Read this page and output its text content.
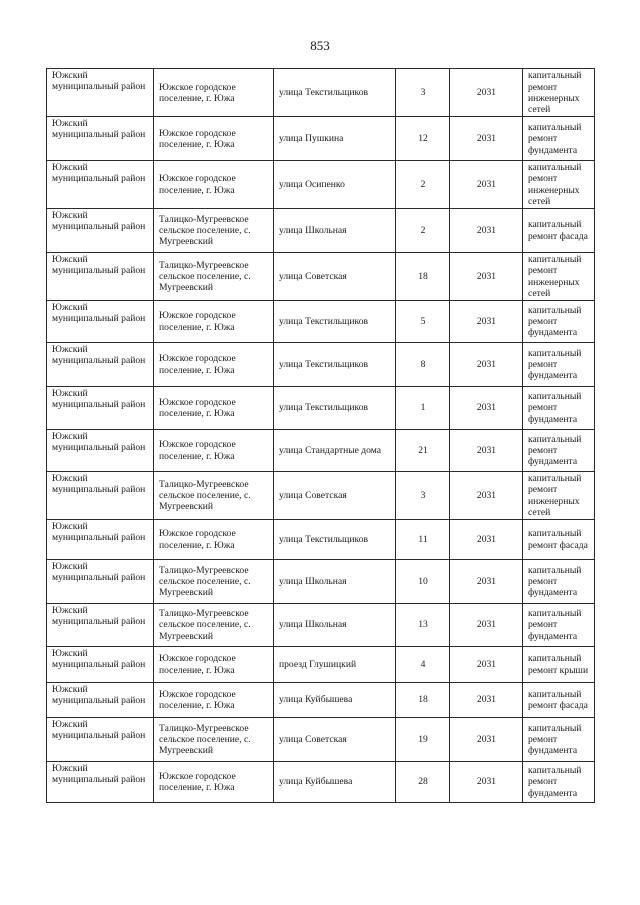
853
Южский муниципальный район	Южское городское поселение, г. Южа	улица Текстильщиков	3	2031	капитальный ремонт инженерных сетей
Южский муниципальный район	Южское городское поселение, г. Южа	улица Пушкина	12	2031	капитальный ремонт фундамента
Южский муниципальный район	Южское городское поселение, г. Южа	улица Осипенко	2	2031	капитальный ремонт инженерных сетей
Южский муниципальный район	Талицко-Мугреевское сельское поселение, с. Мугреевский	улица Школьная	2	2031	капитальный ремонт фасада
Южский муниципальный район	Талицко-Мугреевское сельское поселение, с. Мугреевский	улица Советская	18	2031	капитальный ремонт инженерных сетей
Южский муниципальный район	Южское городское поселение, г. Южа	улица Текстильщиков	5	2031	капитальный ремонт фундамента
Южский муниципальный район	Южское городское поселение, г. Южа	улица Текстильщиков	8	2031	капитальный ремонт фундамента
Южский муниципальный район	Южское городское поселение, г. Южа	улица Текстильщиков	1	2031	капитальный ремонт фундамента
Южский муниципальный район	Южское городское поселение, г. Южа	улица Стандартные дома	21	2031	капитальный ремонт фундамента
Южский муниципальный район	Талицко-Мугреевское сельское поселение, с. Мугреевский	улица Советская	3	2031	капитальный ремонт инженерных сетей
Южский муниципальный район	Южское городское поселение, г. Южа	улица Текстильщиков	11	2031	капитальный ремонт фасада
Южский муниципальный район	Талицко-Мугреевское сельское поселение, с. Мугреевский	улица Школьная	10	2031	капитальный ремонт фундамента
Южский муниципальный район	Талицко-Мугреевское сельское поселение, с. Мугреевский	улица Школьная	13	2031	капитальный ремонт фундамента
Южский муниципальный район	Южское городское поселение, г. Южа	проезд Глушицкий	4	2031	капитальный ремонт крыши
Южский муниципальный район	Южское городское поселение, г. Южа	улица Куйбышева	18	2031	капитальный ремонт фасада
Южский муниципальный район	Талицко-Мугреевское сельское поселение, с. Мугреевский	улица Советская	19	2031	капитальный ремонт фундамента
Южский муниципальный район	Южское городское поселение, г. Южа	улица Куйбышева	28	2031	капитальный ремонт фундамента
